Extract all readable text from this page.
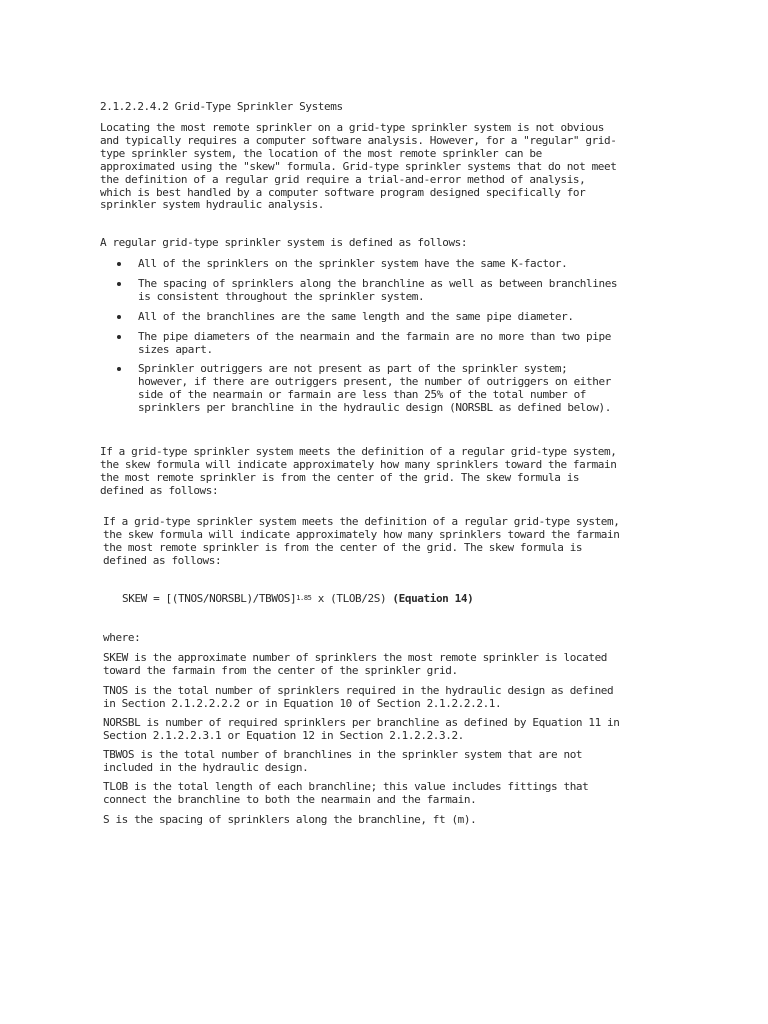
2.1.2.2.4.2 Grid-Type Sprinkler Systems
Locating the most remote sprinkler on a grid-type sprinkler system is not obvious
and typically requires a computer software analysis. However, for a "regular" grid-
type sprinkler system, the location of the most remote sprinkler can be
approximated using the "skew" formula. Grid-type sprinkler systems that do not meet
the definition of a regular grid require a trial-and-error method of analysis,
which is best handled by a computer software program designed specifically for
sprinkler system hydraulic analysis.
A regular grid-type sprinkler system is defined as follows:
All of the sprinklers on the sprinkler system have the same K-factor.
The spacing of sprinklers along the branchline as well as between branchlines
is consistent throughout the sprinkler system.
All of the branchlines are the same length and the same pipe diameter.
The pipe diameters of the nearmain and the farmain are no more than two pipe
sizes apart.
Sprinkler outriggers are not present as part of the sprinkler system;
however, if there are outriggers present, the number of outriggers on either
side of the nearmain or farmain are less than 25% of the total number of
sprinklers per branchline in the hydraulic design (NORSBL as defined below).
If a grid-type sprinkler system meets the definition of a regular grid-type system,
the skew formula will indicate approximately how many sprinklers toward the farmain
the most remote sprinkler is from the center of the grid. The skew formula is
defined as follows:
If a grid-type sprinkler system meets the definition of a regular grid-type system,
the skew formula will indicate approximately how many sprinklers toward the farmain
the most remote sprinkler is from the center of the grid. The skew formula is
defined as follows:
SKEW = [(TNOS/NORSBL)/TBWOS]$^{1.85}$ x (TLOB/2S) (Equation 14)
where:
SKEW is the approximate number of sprinklers the most remote sprinkler is located
toward the farmain from the center of the sprinkler grid.
TNOS is the total number of sprinklers required in the hydraulic design as defined
in Section 2.1.2.2.2.2 or in Equation 10 of Section 2.1.2.2.2.1.
NORSBL is number of required sprinklers per branchline as defined by Equation 11 in
Section 2.1.2.2.3.1 or Equation 12 in Section 2.1.2.2.3.2.
TBWOS is the total number of branchlines in the sprinkler system that are not
included in the hydraulic design.
TLOB is the total length of each branchline; this value includes fittings that
connect the branchline to both the nearmain and the farmain.
S is the spacing of sprinklers along the branchline, ft (m).
